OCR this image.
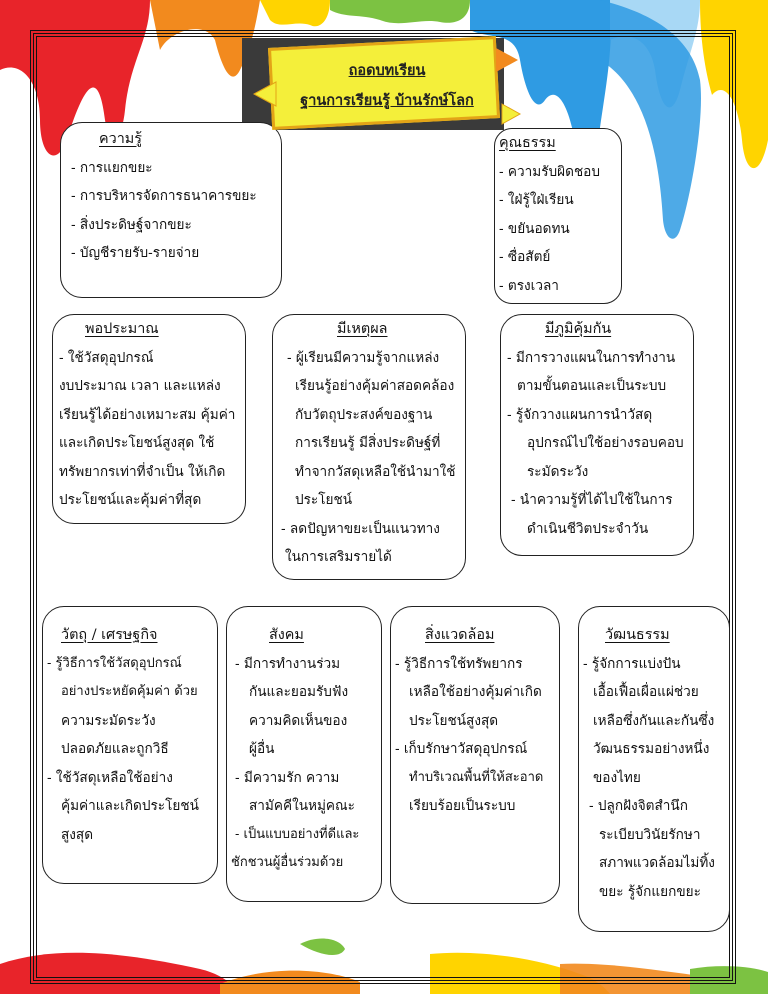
ถอดบทเรียน
ฐานการเรียนรู้ บ้านรักษ์โลก
ความรู้
- การแยกขยะ
- การบริหารจัดการธนาคารขยะ
- สิ่งประดิษฐ์จากขยะ
- บัญชีรายรับ-รายจ่าย
คุณธรรม
- ความรับผิดชอบ
- ใฝ่รู้ใฝ่เรียน
- ขยันอดทน
- ซื่อสัตย์
- ตรงเวลา
พอประมาณ
- ใช้วัสดุอุปกรณ์
งบประมาณ เวลา และแหล่ง
เรียนรู้ได้อย่างเหมาะสม คุ้มค่า
และเกิดประโยชน์สูงสุด ใช้
ทรัพยากรเท่าที่จำเป็น ให้เกิด
ประโยชน์และคุ้มค่าที่สุด
มีเหตุผล
- ผู้เรียนมีความรู้จากแหล่ง
เรียนรู้อย่างคุ้มค่าสอดคล้อง
กับวัตถุประสงค์ของฐาน
การเรียนรู้ มีสิ่งประดิษฐ์ที่
ทำจากวัสดุเหลือใช้นำมาใช้
ประโยชน์
- ลดปัญหาขยะเป็นแนวทาง
ในการเสริมรายได้
มีภูมิคุ้มกัน
- มีการวางแผนในการทำงาน
ตามขั้นตอนและเป็นระบบ
- รู้จักวางแผนการนำวัสดุ
อุปกรณ์ไปใช้อย่างรอบคอบ
ระมัดระวัง
- นำความรู้ที่ได้ไปใช้ในการ
ดำเนินชีวิตประจำวัน
วัตถุ / เศรษฐกิจ
- รู้วิธีการใช้วัสดุอุปกรณ์
อย่างประหยัดคุ้มค่า ด้วย
ความระมัดระวัง
ปลอดภัยและถูกวิธี
- ใช้วัสดุเหลือใช้อย่าง
คุ้มค่าและเกิดประโยชน์
สูงสุด
สังคม
- มีการทำงานร่วม
กันและยอมรับฟัง
ความคิดเห็นของ
ผู้อื่น
- มีความรัก ความ
สามัคคีในหมู่คณะ
- เป็นแบบอย่างที่ดีและ
ชักชวนผู้อื่นร่วมด้วย
สิ่งแวดล้อม
- รู้วิธีการใช้ทรัพยากร
เหลือใช้อย่างคุ้มค่าเกิด
ประโยชน์สูงสุด
- เก็บรักษาวัสดุอุปกรณ์
ทำบริเวณพื้นที่ให้สะอาด
เรียบร้อยเป็นระบบ
วัฒนธรรม
- รู้จักการแบ่งปัน
เอื้อเฟื้อเผื่อแผ่ช่วย
เหลือซึ่งกันและกันซึ่ง
วัฒนธรรมอย่างหนึ่ง
ของไทย
- ปลูกฝังจิตสำนึก
ระเบียบวินัยรักษา
สภาพแวดล้อมไม่ทิ้ง
ขยะ รู้จักแยกขยะ
